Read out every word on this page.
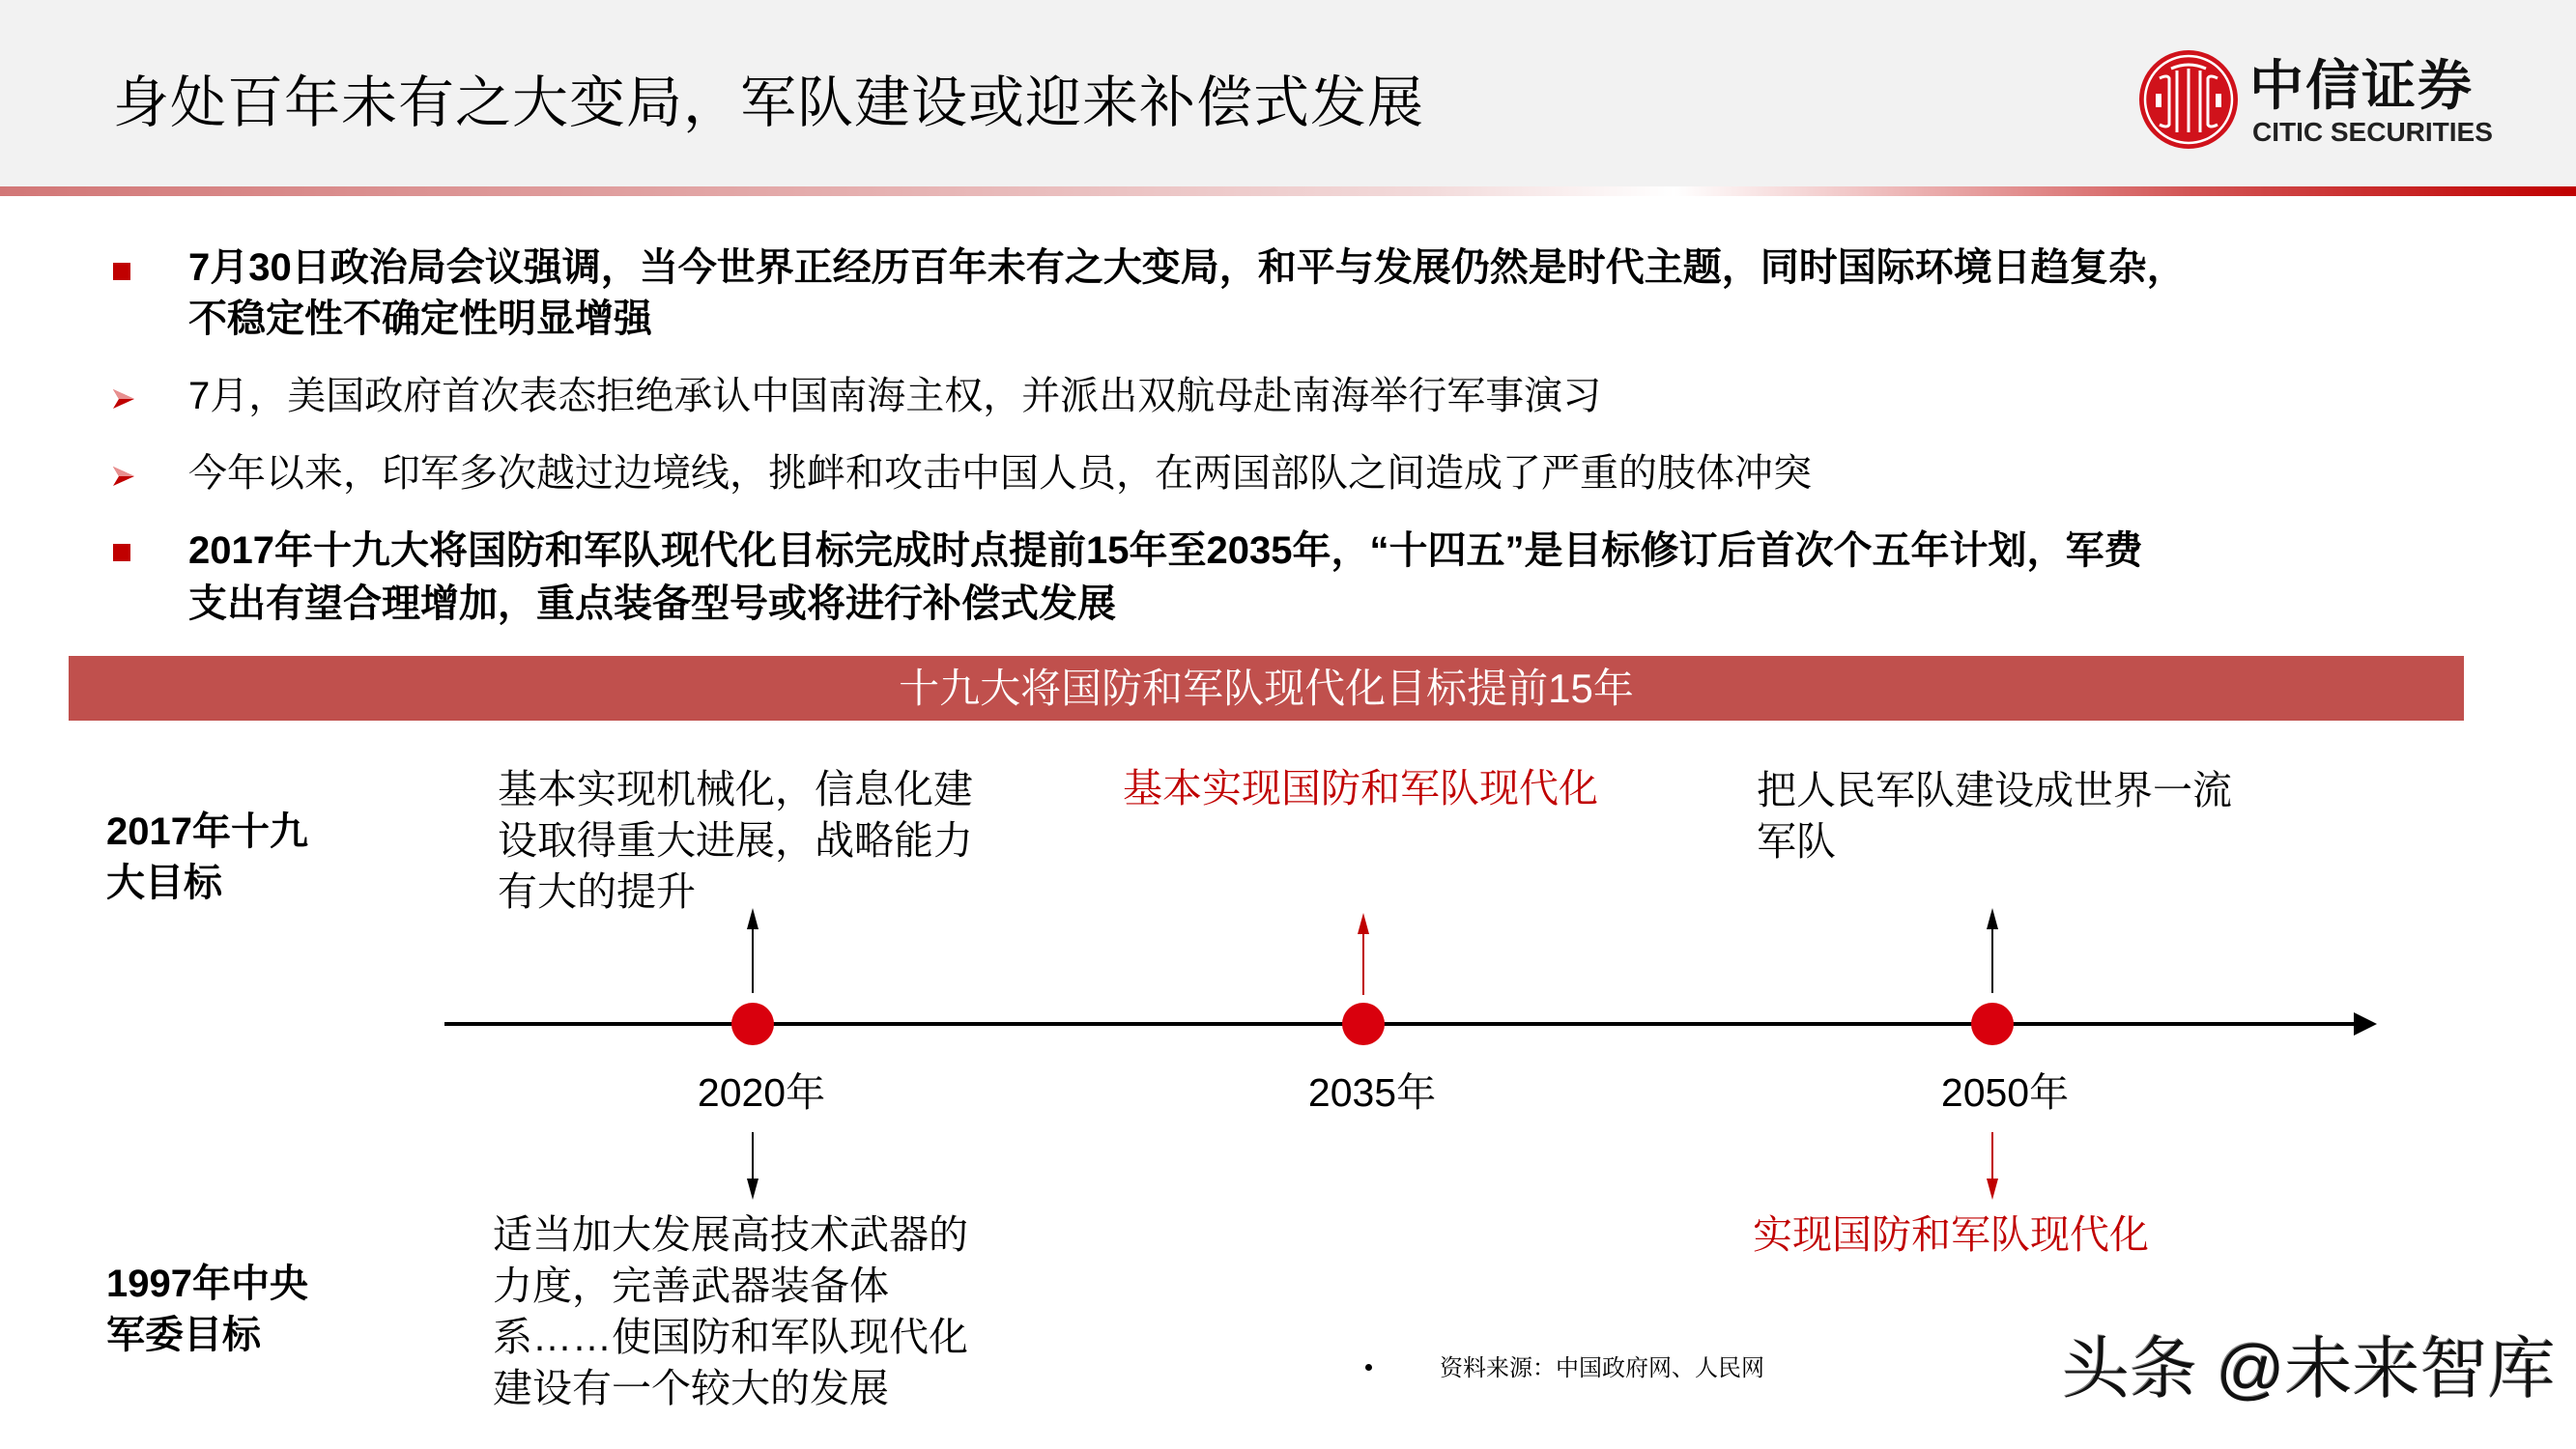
身处百年未有之大变局，军队建设或迎来补偿式发展	中信证券
CITIC SECURITIES
7月30日政治局会议强调，当今世界正经历百年未有之大变局，和平与发展仍然是时代主题，同时国际环境日趋复杂，
不稳定性不确定性明显增强
7月，美国政府首次表态拒绝承认中国南海主权，并派出双航母赴南海举行军事演习
今年以来，印军多次越过边境线，挑衅和攻击中国人员，在两国部队之间造成了严重的肢体冲突
2017年十九大将国防和军队现代化目标完成时点提前15年至2035年，“十四五”是目标修订后首次个五年计划，军费
支出有望合理增加，重点装备型号或将进行补偿式发展
十九大将国防和军队现代化目标提前15年
2017年十九
大目标
1997年中央
军委目标
基本实现机械化，信息化建
设取得重大进展，战略能力
有大的提升
基本实现国防和军队现代化	把人民军队建设成世界一流
军队
2020年	2035年	2050年
适当加大发展高技术武器的
力度，完善武器装备体
系……使国防和军队现代化
建设有一个较大的发展
实现国防和军队现代化
资料来源：中国政府网、人民网	头条 @未来智库
